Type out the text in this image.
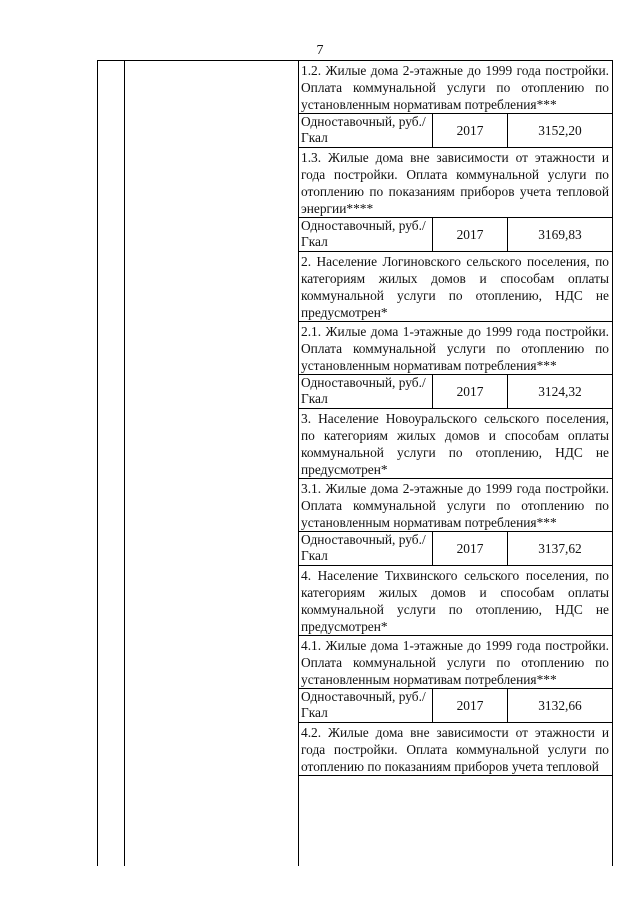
7
1.2. Жилые дома 2-этажные до 1999 года постройки. Оплата коммунальной услуги по отоплению по установленным нормативам потребления***
Одноставочный, руб./Гкал	2017	3152,20
1.3. Жилые дома вне зависимости от этажности и года постройки. Оплата коммунальной услуги по отоплению по показаниям приборов учета тепловой энергии****
Одноставочный, руб./Гкал	2017	3169,83
2. Население Логиновского сельского поселения, по категориям жилых домов и способам оплаты коммунальной услуги по отоплению, НДС не предусмотрен*
2.1. Жилые дома 1-этажные до 1999 года постройки. Оплата коммунальной услуги по отоплению по установленным нормативам потребления***
Одноставочный, руб./Гкал	2017	3124,32
3. Население Новоуральского сельского поселения, по категориям жилых домов и способам оплаты коммунальной услуги по отоплению, НДС не предусмотрен*
3.1. Жилые дома 2-этажные до 1999 года постройки. Оплата коммунальной услуги по отоплению по установленным нормативам потребления***
Одноставочный, руб./Гкал	2017	3137,62
4. Население Тихвинского сельского поселения, по категориям жилых домов и способам оплаты коммунальной услуги по отоплению, НДС не предусмотрен*
4.1. Жилые дома 1-этажные до 1999 года постройки. Оплата коммунальной услуги по отоплению по установленным нормативам потребления***
Одноставочный, руб./Гкал	2017	3132,66
4.2. Жилые дома вне зависимости от этажности и года постройки. Оплата коммунальной услуги по отоплению по показаниям приборов учета тепловой
